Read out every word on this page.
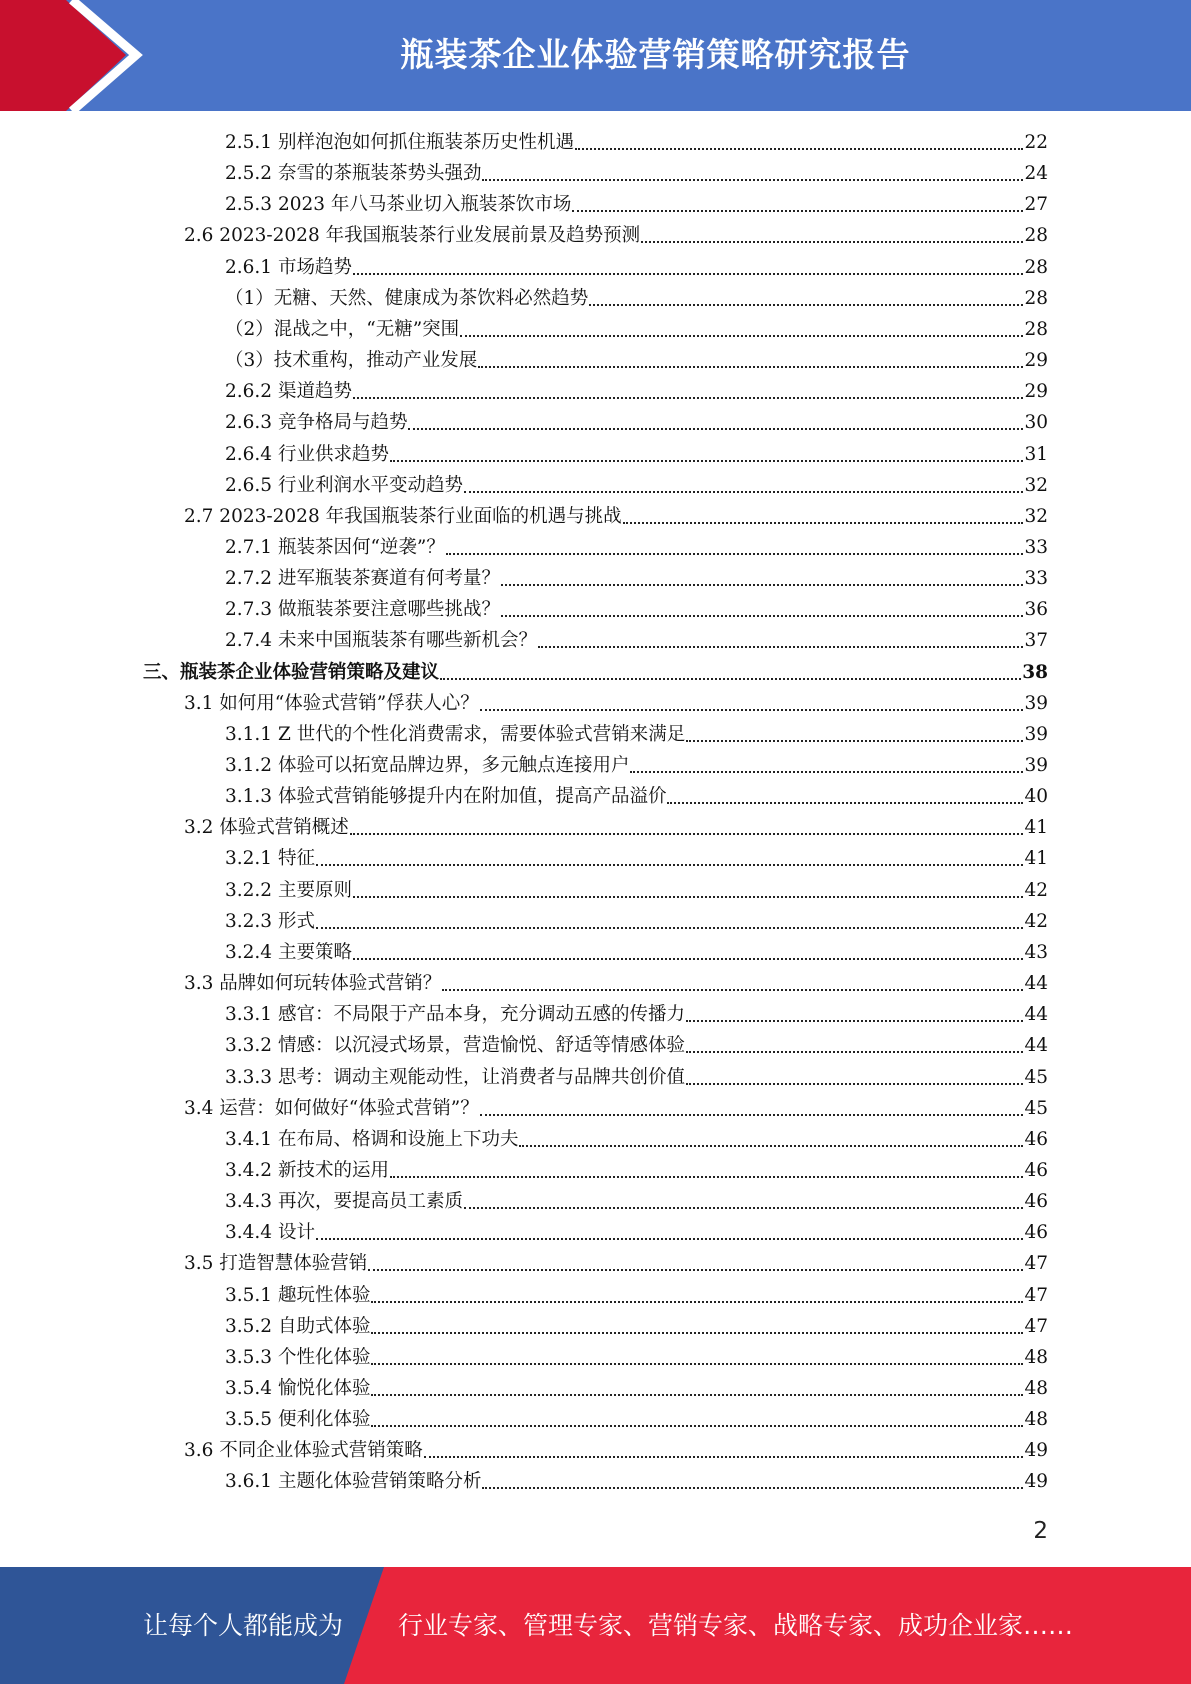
瓶装茶企业体验营销策略研究报告
2.5.1 别样泡泡如何抓住瓶装茶历史性机遇	22
2.5.2 奈雪的茶瓶装茶势头强劲	24
2.5.3 2023 年八马茶业切入瓶装茶饮市场	27
2.6 2023-2028 年我国瓶装茶行业发展前景及趋势预测	28
2.6.1 市场趋势	28
（1）无糖、天然、健康成为茶饮料必然趋势	28
（2）混战之中，“无糖”突围	28
（3）技术重构，推动产业发展	29
2.6.2 渠道趋势	29
2.6.3 竞争格局与趋势	30
2.6.4 行业供求趋势	31
2.6.5 行业利润水平变动趋势	32
2.7 2023-2028 年我国瓶装茶行业面临的机遇与挑战	32
2.7.1 瓶装茶因何“逆袭”？	33
2.7.2 进军瓶装茶赛道有何考量？	33
2.7.3 做瓶装茶要注意哪些挑战？	36
2.7.4 未来中国瓶装茶有哪些新机会？	37
三、瓶装茶企业体验营销策略及建议	38
3.1 如何用“体验式营销”俘获人心？	39
3.1.1 Z 世代的个性化消费需求，需要体验式营销来满足	39
3.1.2 体验可以拓宽品牌边界，多元触点连接用户	39
3.1.3 体验式营销能够提升内在附加值，提高产品溢价	40
3.2 体验式营销概述	41
3.2.1 特征	41
3.2.2 主要原则	42
3.2.3 形式	42
3.2.4 主要策略	43
3.3 品牌如何玩转体验式营销？	44
3.3.1 感官：不局限于产品本身，充分调动五感的传播力	44
3.3.2 情感：以沉浸式场景，营造愉悦、舒适等情感体验	44
3.3.3 思考：调动主观能动性，让消费者与品牌共创价值	45
3.4 运营：如何做好“体验式营销”？	45
3.4.1 在布局、格调和设施上下功夫	46
3.4.2 新技术的运用	46
3.4.3 再次，要提高员工素质	46
3.4.4 设计	46
3.5 打造智慧体验营销	47
3.5.1 趣玩性体验	47
3.5.2 自助式体验	47
3.5.3 个性化体验	48
3.5.4 愉悦化体验	48
3.5.5 便利化体验	48
3.6 不同企业体验式营销策略	49
3.6.1 主题化体验营销策略分析	49
2
让每个人都能成为 行业专家、管理专家、营销专家、战略专家、成功企业家……
